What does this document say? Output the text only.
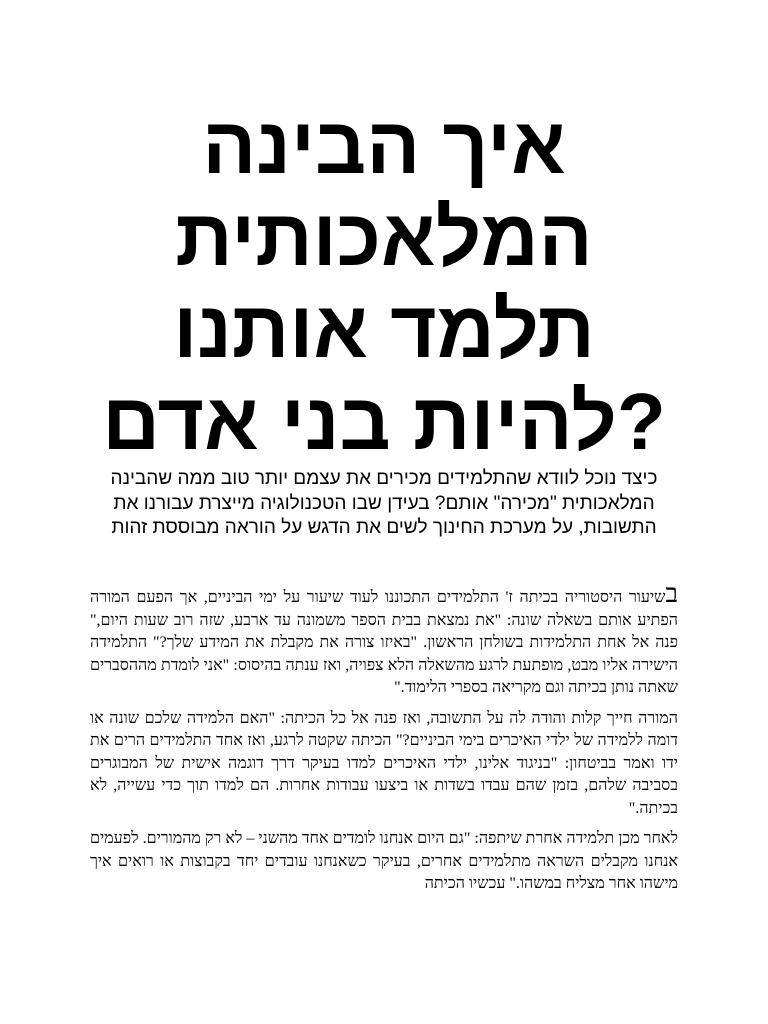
איך הבינה
המלאכותית
תלמד אותנו
?להיות בני אדם

כיצד נוכל לוודא שהתלמידים מכירים את עצמם יותר טוב ממה שהבינה המלאכותית "מכירה" אותם? בעידן שבו הטכנולוגיה מייצרת עבורנו את התשובות, על מערכת החינוך לשים את הדגש על הוראה מבוססת זהות

בשיעור היסטוריה בכיתה ז' התלמידים התכוננו לעוד שיעור על ימי הביניים, אך הפעם המורה הפתיע אותם בשאלה שונה: "את נמצאת בבית הספר משמונה עד ארבע, שזה רוב שעות היום," פנה אל אחת התלמידות בשולחן הראשון. "באיזו צורה את מקבלת את המידע שלך?" התלמידה הישירה אליו מבט, מופתעת לרגע מהשאלה הלא צפויה, ואז ענתה בהיסוס: "אני לומדת מההסברים שאתה נותן בכיתה וגם מקריאה בספרי הלימוד."

המורה חייך קלות והודה לה על התשובה, ואז פנה אל כל הכיתה: "האם הלמידה שלכם שונה או דומה ללמידה של ילדי האיכרים בימי הביניים?" הכיתה שקטה לרגע, ואז אחד התלמידים הרים את ידו ואמר בביטחון: "בניגוד אלינו, ילדי האיכרים למדו בעיקר דרך דוגמה אישית של המבוגרים בסביבה שלהם, בזמן שהם עבדו בשדות או ביצעו עבודות אחרות. הם למדו תוך כדי עשייה, לא בכיתה."

לאחר מכן תלמידה אחרת שיתפה: "גם היום אנחנו לומדים אחד מהשני – לא רק מהמורים. לפעמים אנחנו מקבלים השראה מתלמידים אחרים, בעיקר כשאנחנו עובדים יחד בקבוצות או רואים איך מישהו אחר מצליח במשהו." עכשיו הכיתה
